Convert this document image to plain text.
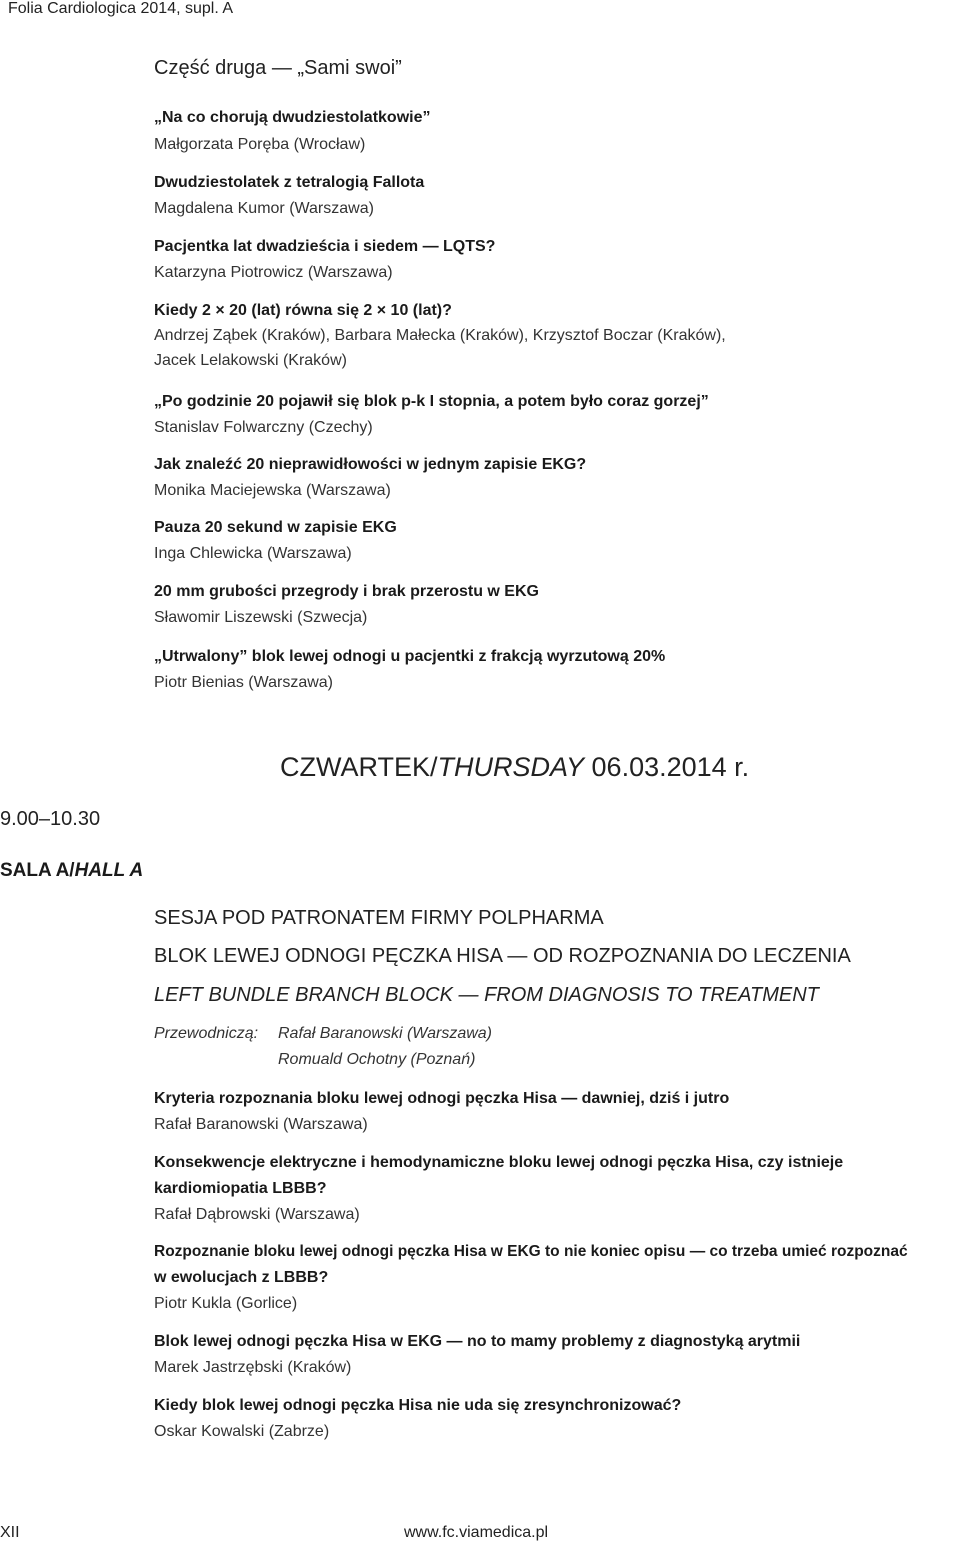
Folia Cardiologica 2014, supl. A
Część druga — „Sami swoi”
„Na co chorują dwudziestolatkowie”
Małgorzata Poręba (Wrocław)
Dwudziestolatek z tetralogią Fallota
Magdalena Kumor (Warszawa)
Pacjentka lat dwadzieścia i siedem — LQTS?
Katarzyna Piotrowicz (Warszawa)
Kiedy 2 × 20 (lat) równa się 2 × 10 (lat)?
Andrzej Ząbek (Kraków), Barbara Małecka (Kraków), Krzysztof Boczar (Kraków),
Jacek Lelakowski (Kraków)
„Po godzinie 20 pojawił się blok p-k I stopnia, a potem było coraz gorzej”
Stanislav Folwarczny (Czechy)
Jak znaleźć 20 nieprawidłowości w jednym zapisie EKG?
Monika Maciejewska (Warszawa)
Pauza 20 sekund w zapisie EKG
Inga Chlewicka (Warszawa)
20 mm grubości przegrody i brak przerostu w EKG
Sławomir Liszewski (Szwecja)
„Utrwalony” blok lewej odnogi u pacjentki z frakcją wyrzutową 20%
Piotr Bienias (Warszawa)
CZWARTEK/THURSDAY 06.03.2014 r.
9.00–10.30
SALA A/HALL A
SESJA POD PATRONATEM FIRMY POLPHARMA
BLOK LEWEJ ODNOGI PĘCZKA HISA — OD ROZPOZNANIA DO LECZENIA
LEFT BUNDLE BRANCH BLOCK — FROM DIAGNOSIS TO TREATMENT
Przewodniczą: Rafał Baranowski (Warszawa)
Romuald Ochotny (Poznań)
Kryteria rozpoznania bloku lewej odnogi pęczka Hisa — dawniej, dziś i jutro
Rafał Baranowski (Warszawa)
Konsekwencje elektryczne i hemodynamiczne bloku lewej odnogi pęczka Hisa, czy istnieje
kardiomiopatia LBBB?
Rafał Dąbrowski (Warszawa)
Rozpoznanie bloku lewej odnogi pęczka Hisa w EKG to nie koniec opisu — co trzeba umieć rozpoznać
w ewolucjach z LBBB?
Piotr Kukla (Gorlice)
Blok lewej odnogi pęczka Hisa w EKG — no to mamy problemy z diagnostyką arytmii
Marek Jastrzębski (Kraków)
Kiedy blok lewej odnogi pęczka Hisa nie uda się zresynchronizować?
Oskar Kowalski (Zabrze)
XII	www.fc.viamedica.pl
